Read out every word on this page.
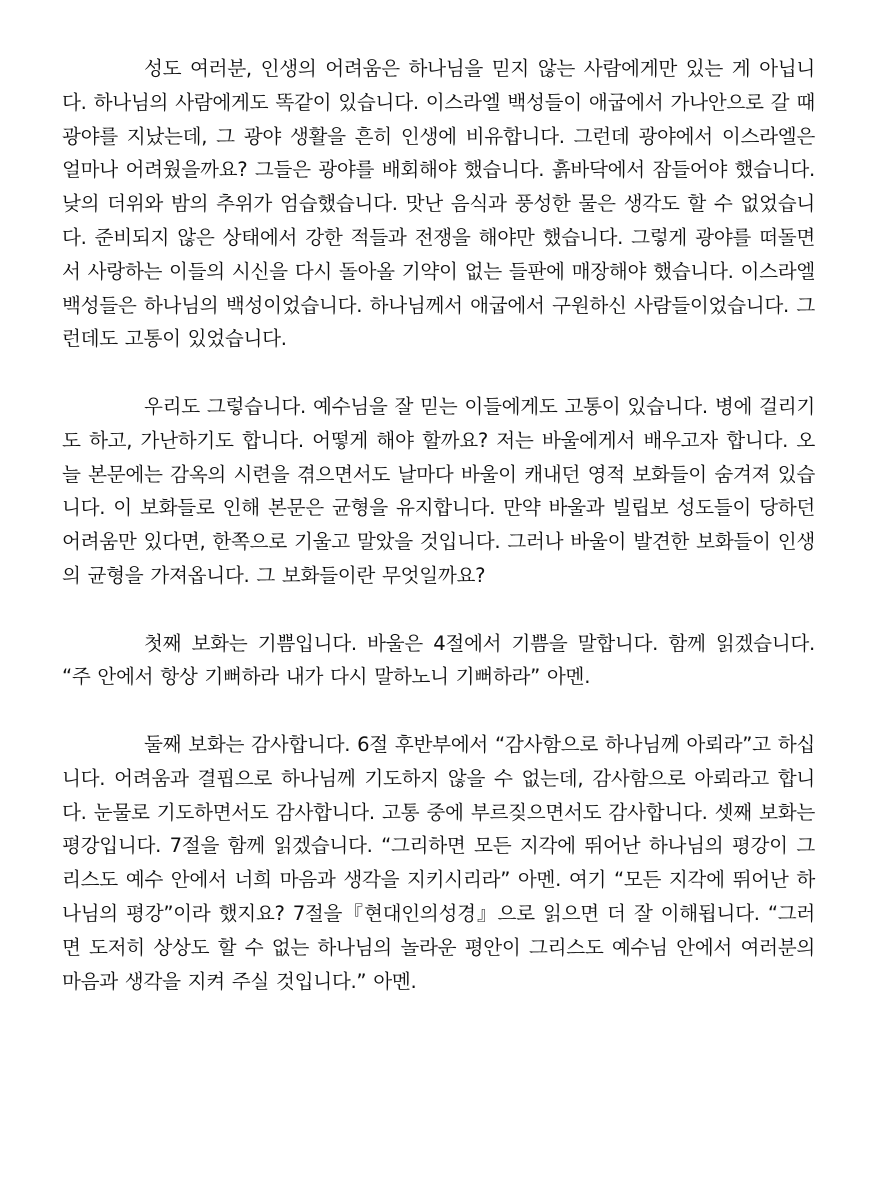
성도 여러분, 인생의 어려움은 하나님을 믿지 않는 사람에게만 있는 게 아닙니다. 하나님의 사람에게도 똑같이 있습니다. 이스라엘 백성들이 애굽에서 가나안으로 갈 때 광야를 지났는데, 그 광야 생활을 흔히 인생에 비유합니다. 그런데 광야에서 이스라엘은 얼마나 어려웠을까요? 그들은 광야를 배회해야 했습니다. 흙바닥에서 잠들어야 했습니다. 낮의 더위와 밤의 추위가 엄습했습니다. 맛난 음식과 풍성한 물은 생각도 할 수 없었습니다. 준비되지 않은 상태에서 강한 적들과 전쟁을 해야만 했습니다. 그렇게 광야를 떠돌면서 사랑하는 이들의 시신을 다시 돌아올 기약이 없는 들판에 매장해야 했습니다. 이스라엘 백성들은 하나님의 백성이었습니다. 하나님께서 애굽에서 구원하신 사람들이었습니다. 그런데도 고통이 있었습니다.

우리도 그렇습니다. 예수님을 잘 믿는 이들에게도 고통이 있습니다. 병에 걸리기도 하고, 가난하기도 합니다. 어떻게 해야 할까요? 저는 바울에게서 배우고자 합니다. 오늘 본문에는 감옥의 시련을 겪으면서도 날마다 바울이 캐내던 영적 보화들이 숨겨져 있습니다. 이 보화들로 인해 본문은 균형을 유지합니다. 만약 바울과 빌립보 성도들이 당하던 어려움만 있다면, 한쪽으로 기울고 말았을 것입니다. 그러나 바울이 발견한 보화들이 인생의 균형을 가져옵니다. 그 보화들이란 무엇일까요?

첫째 보화는 기쁨입니다. 바울은 4절에서 기쁨을 말합니다. 함께 읽겠습니다. “주 안에서 항상 기뻐하라 내가 다시 말하노니 기뻐하라” 아멘.

둘째 보화는 감사합니다. 6절 후반부에서 “감사함으로 하나님께 아뢰라”고 하십니다. 어려움과 결핍으로 하나님께 기도하지 않을 수 없는데, 감사함으로 아뢰라고 합니다. 눈물로 기도하면서도 감사합니다. 고통 중에 부르짖으면서도 감사합니다. 셋째 보화는 평강입니다. 7절을 함께 읽겠습니다. “그리하면 모든 지각에 뛰어난 하나님의 평강이 그리스도 예수 안에서 너희 마음과 생각을 지키시리라” 아멘. 여기 “모든 지각에 뛰어난 하나님의 평강”이라 했지요? 7절을『현대인의성경』으로 읽으면 더 잘 이해됩니다. “그러면 도저히 상상도 할 수 없는 하나님의 놀라운 평안이 그리스도 예수님 안에서 여러분의 마음과 생각을 지켜 주실 것입니다.” 아멘.
